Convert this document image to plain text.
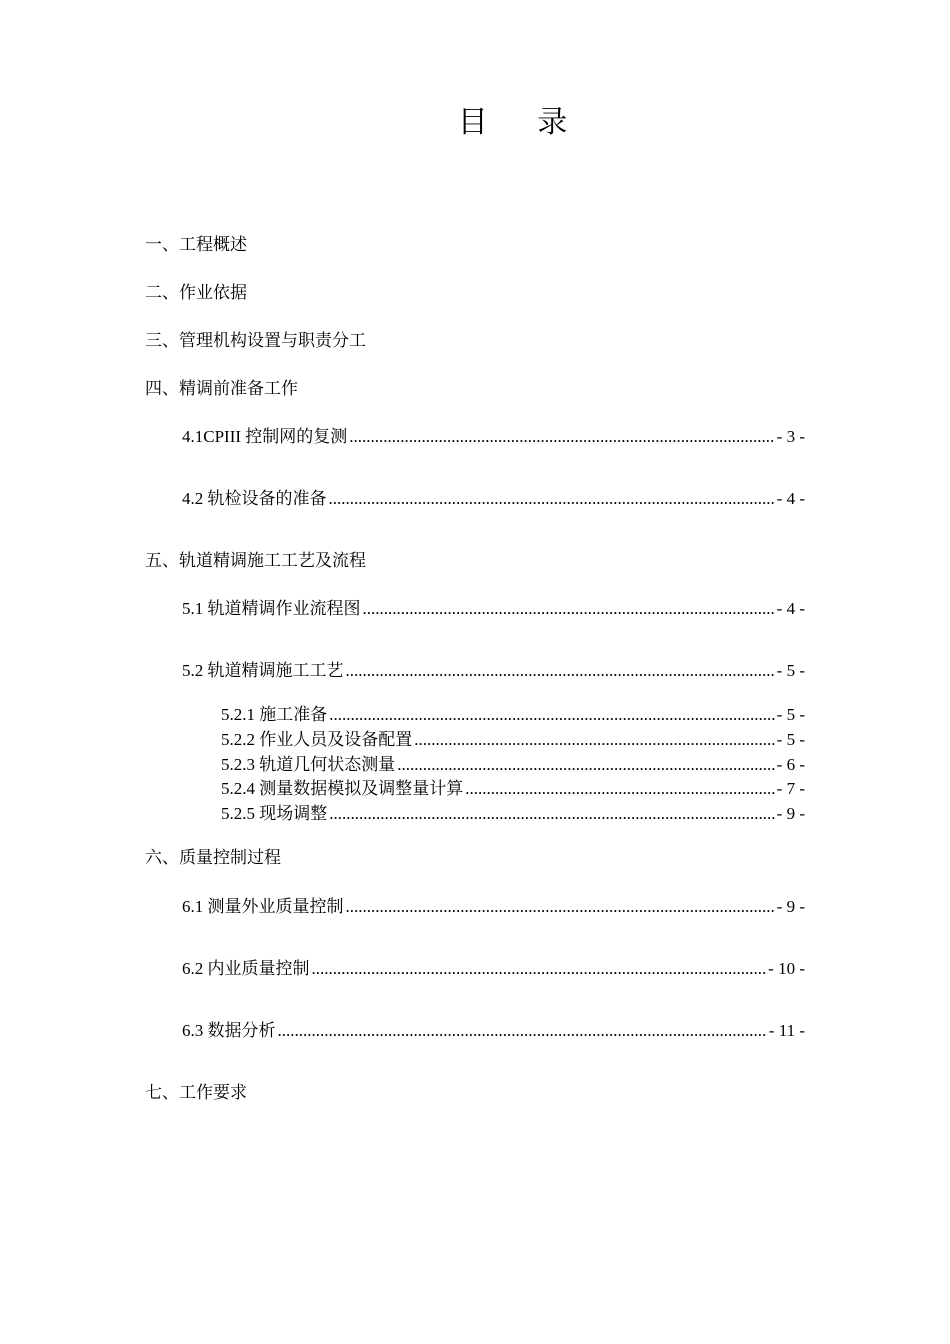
目 录
一、工程概述
二、作业依据
三、管理机构设置与职责分工
四、精调前准备工作
4.1CPIII 控制网的复测 .....	- 3 -
4.2 轨检设备的准备 .....	- 4 -
五、轨道精调施工工艺及流程
5.1 轨道精调作业流程图 .....	- 4 -
5.2 轨道精调施工工艺 .....	- 5 -
5.2.1 施工准备 .....	- 5 -
5.2.2 作业人员及设备配置 .....	- 5 -
5.2.3 轨道几何状态测量 .....	- 6 -
5.2.4 测量数据模拟及调整量计算 .....	- 7 -
5.2.5 现场调整 .....	- 9 -
六、质量控制过程
6.1 测量外业质量控制 .....	- 9 -
6.2 内业质量控制 .....	- 10 -
6.3 数据分析 .....	- 11 -
七、工作要求
